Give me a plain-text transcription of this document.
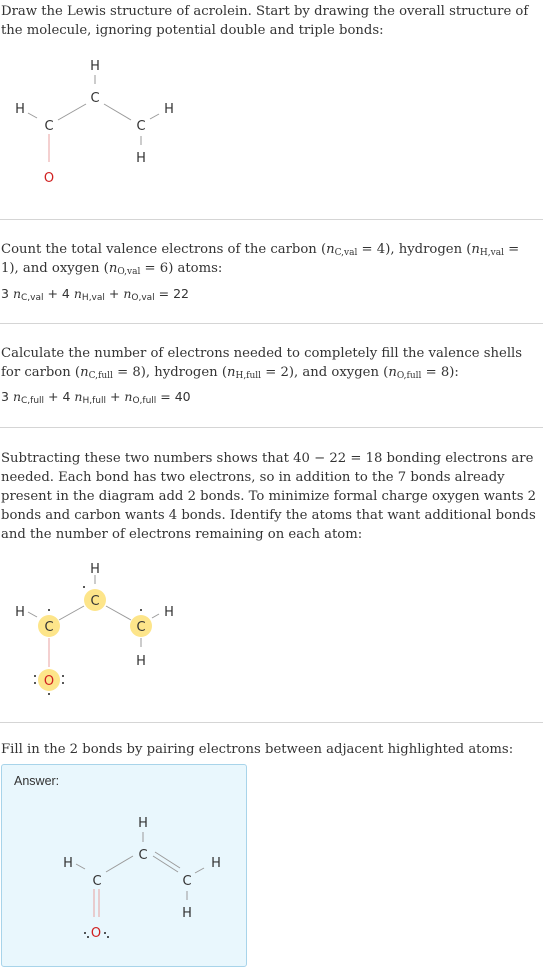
Draw the Lewis structure of acrolein. Start by drawing the overall structure of the molecule, ignoring potential double and triple bonds:
H
C
H
C	C
H
H
O
Count the total valence electrons of the carbon $(n_{C,val} = 4)$, hydrogen $(n_{H,val} = 1)$, and oxygen $(n_{O,val} = 6)$ atoms:
3 $n_{C,val} + 4$ $n_{H,val} + n_{O,val} = 22$
Calculate the number of electrons needed to completely fill the valence shells for carbon $(n_{C,full} = 8)$, hydrogen $(n_{H,full} = 2)$, and oxygen $(n_{O,full} = 8)$:
3 $n_{C,full} + 4$ $n_{H,full} + n_{O,full} = 40$
Subtracting these two numbers shows that 40 − 22 = 18 bonding electrons are needed. Each bond has two electrons, so in addition to the 7 bonds already present in the diagram add 2 bonds. To minimize formal charge oxygen wants 2 bonds and carbon wants 4 bonds. Identify the atoms that want additional bonds and the number of electrons remaining on each atom:
H
C
H
C	C
H
H
O
Fill in the 2 bonds by pairing electrons between adjacent highlighted atoms:
Answer:
H
C
H
C	C
H
H
O
